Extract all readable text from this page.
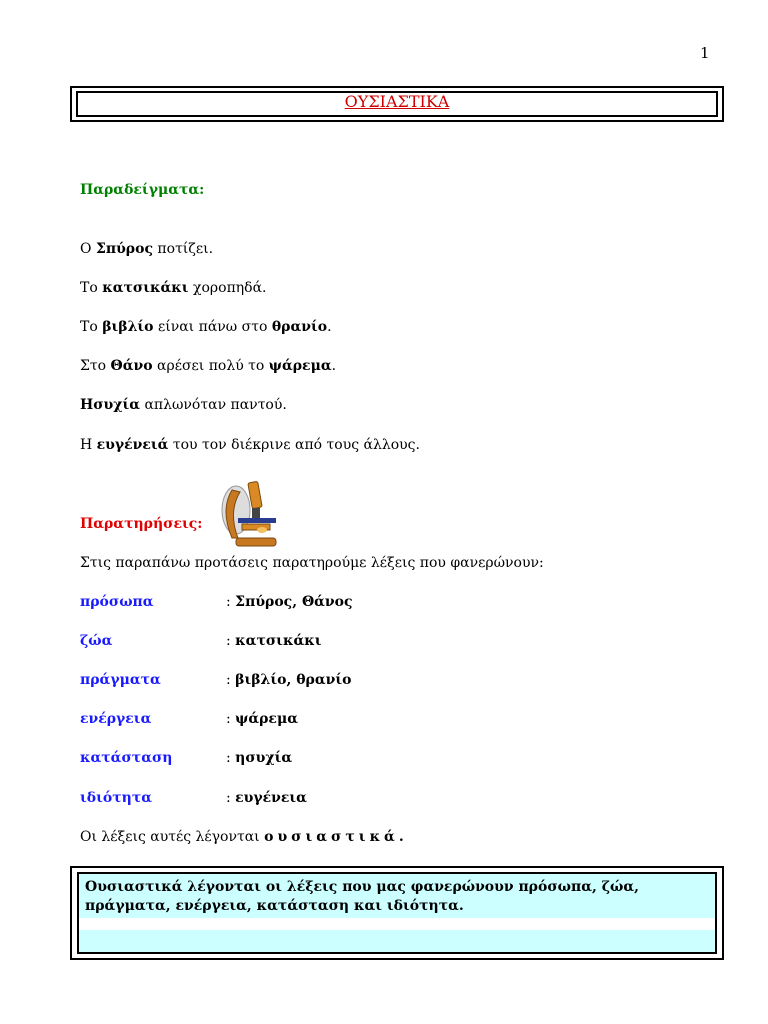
1
ΟΥΣΙΑΣΤΙΚΑ
Παραδείγματα:
Ο Σπύρος ποτίζει.
Το κατσικάκι χοροπηδά.
Το βιβλίο είναι πάνω στο θρανίο.
Στο Θάνο αρέσει πολύ το ψάρεμα.
Ησυχία απλωνόταν παντού.
Η ευγένειά του τον διέκρινε από τους άλλους.
Παρατηρήσεις:
Στις παραπάνω προτάσεις παρατηρούμε λέξεις που φανερώνουν:
πρόσωπα	: Σπύρος, Θάνος
ζώα	: κατσικάκι
πράγματα	: βιβλίο, θρανίο
ενέργεια	: ψάρεμα
κατάσταση	: ησυχία
ιδιότητα	: ευγένεια
Οι λέξεις αυτές λέγονται ουσιαστικά.
Ουσιαστικά λέγονται οι λέξεις που μας φανερώνουν πρόσωπα, ζώα, πράγματα, ενέργεια, κατάσταση και ιδιότητα.
